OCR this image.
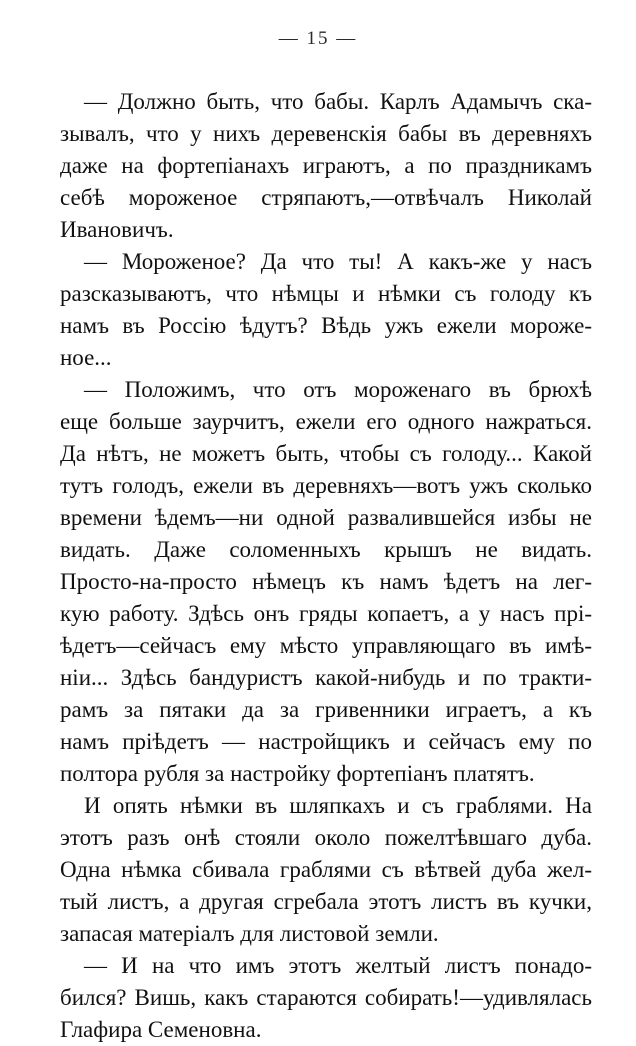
— 15 —
— Должно быть, что бабы. Карлъ Адамычъ ска-
зывалъ, что у нихъ деревенскія бабы въ деревняхъ
даже на фортепіанахъ играютъ, а по праздникамъ
себѣ мороженое стряпаютъ,—отвѣчалъ Николай
Ивановичъ.
— Мороженое? Да что ты! А какъ-же у насъ
разсказываютъ, что нѣмцы и нѣмки съ голоду къ
намъ въ Россію ѣдутъ? Вѣдь ужъ ежели мороже-
ное...
— Положимъ, что отъ мороженаго въ брюхѣ
еще больше заурчитъ, ежели его одного нажраться.
Да нѣтъ, не можетъ быть, чтобы съ голоду... Какой
тутъ голодъ, ежели въ деревняхъ—вотъ ужъ сколько
времени ѣдемъ—ни одной развалившейся избы не
видать. Даже соломенныхъ крышъ не видать.
Просто-на-просто нѣмецъ къ намъ ѣдетъ на лег-
кую работу. Здѣсь онъ гряды копаетъ, а у насъ прі-
ѣдетъ—сейчасъ ему мѣсто управляющаго въ имѣ-
ніи... Здѣсь бандуристъ какой-нибудь и по тракти-
рамъ за пятаки да за гривенники играетъ, а къ
намъ пріѣдетъ — настройщикъ и сейчасъ ему по
полтора рубля за настройку фортепіанъ платятъ.
И опять нѣмки въ шляпкахъ и съ граблями. На
этотъ разъ онѣ стояли около пожелтѣвшаго дуба.
Одна нѣмка сбивала граблями съ вѣтвей дуба жел-
тый листъ, а другая сгребала этотъ листъ въ кучки,
запасая матеріалъ для листовой земли.
— И на что имъ этотъ желтый листъ понадо-
бился? Вишь, какъ стараются собирать!—удивлялась
Глафира Семеновна.
